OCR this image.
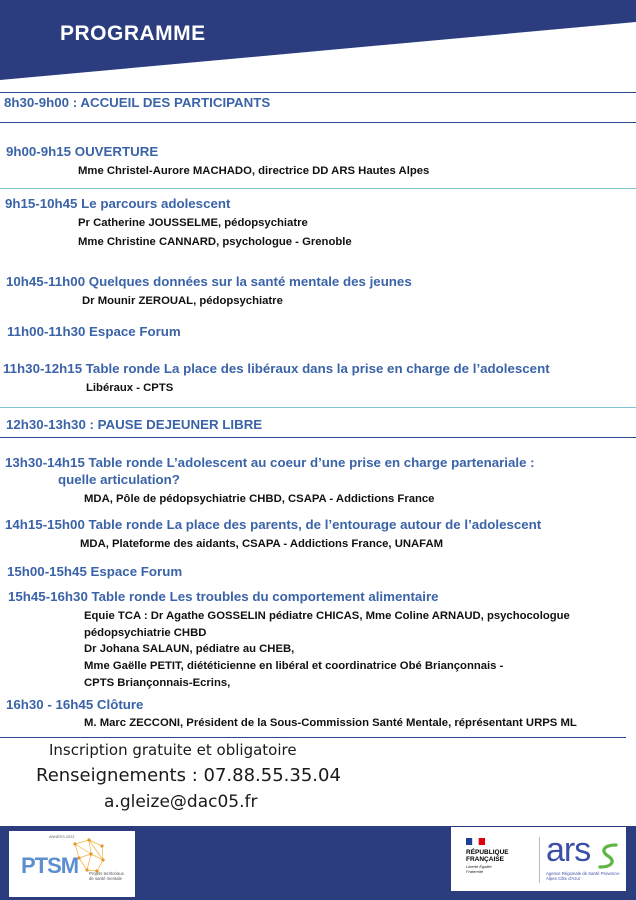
PROGRAMME
8h30-9h00 : ACCUEIL DES PARTICIPANTS
9h00-9h15 OUVERTURE
Mme Christel-Aurore MACHADO, directrice DD ARS Hautes Alpes
9h15-10h45 Le parcours adolescent
Pr Catherine JOUSSELME, pédopsychiatre
Mme Christine CANNARD, psychologue - Grenoble
10h45-11h00 Quelques données sur la santé mentale des jeunes
Dr Mounir ZEROUAL, pédopsychiatre
11h00-11h30 Espace Forum
11h30-12h15 Table ronde La place des libéraux dans la prise en charge de l’adolescent
Libéraux - CPTS
12h30-13h30 : PAUSE DEJEUNER LIBRE
13h30-14h15 Table ronde L’adolescent au coeur d’une prise en charge partenariale :
quelle articulation?
MDA, Pôle de pédopsychiatrie CHBD, CSAPA - Addictions France
14h15-15h00 Table ronde La place des parents, de l’entourage autour de l’adolescent
MDA, Plateforme des aidants, CSAPA - Addictions France, UNAFAM
15h00-15h45 Espace Forum
15h45-16h30 Table ronde Les troubles du comportement alimentaire
Equie TCA : Dr Agathe GOSSELIN pédiatre CHICAS, Mme Coline ARNAUD, psychocologue
pédopsychiatrie CHBD
Dr Johana SALAUN, pédiatre au CHEB,
Mme Gaëlle PETIT, diététicienne en libéral et coordinatrice Obé Briançonnais -
CPTS Briançonnais-Ecrins,
16h30 - 16h45 Clôture
M. Marc ZECCONI, Président de la Sous-Commission Santé Mentale, réprésentant URPS ML
Inscription gratuite et obligatoire
Renseignements : 07.88.55.35.04
a.gleize@dac05.fr
ANNÉES-2023
PTSM	Projets territoriaux de santé mentale
RÉPUBLIQUE FRANÇAISE
Liberté Égalité Fraternité
ars
Agence Régionale de Santé Provence-Alpes Côte d'Azur
